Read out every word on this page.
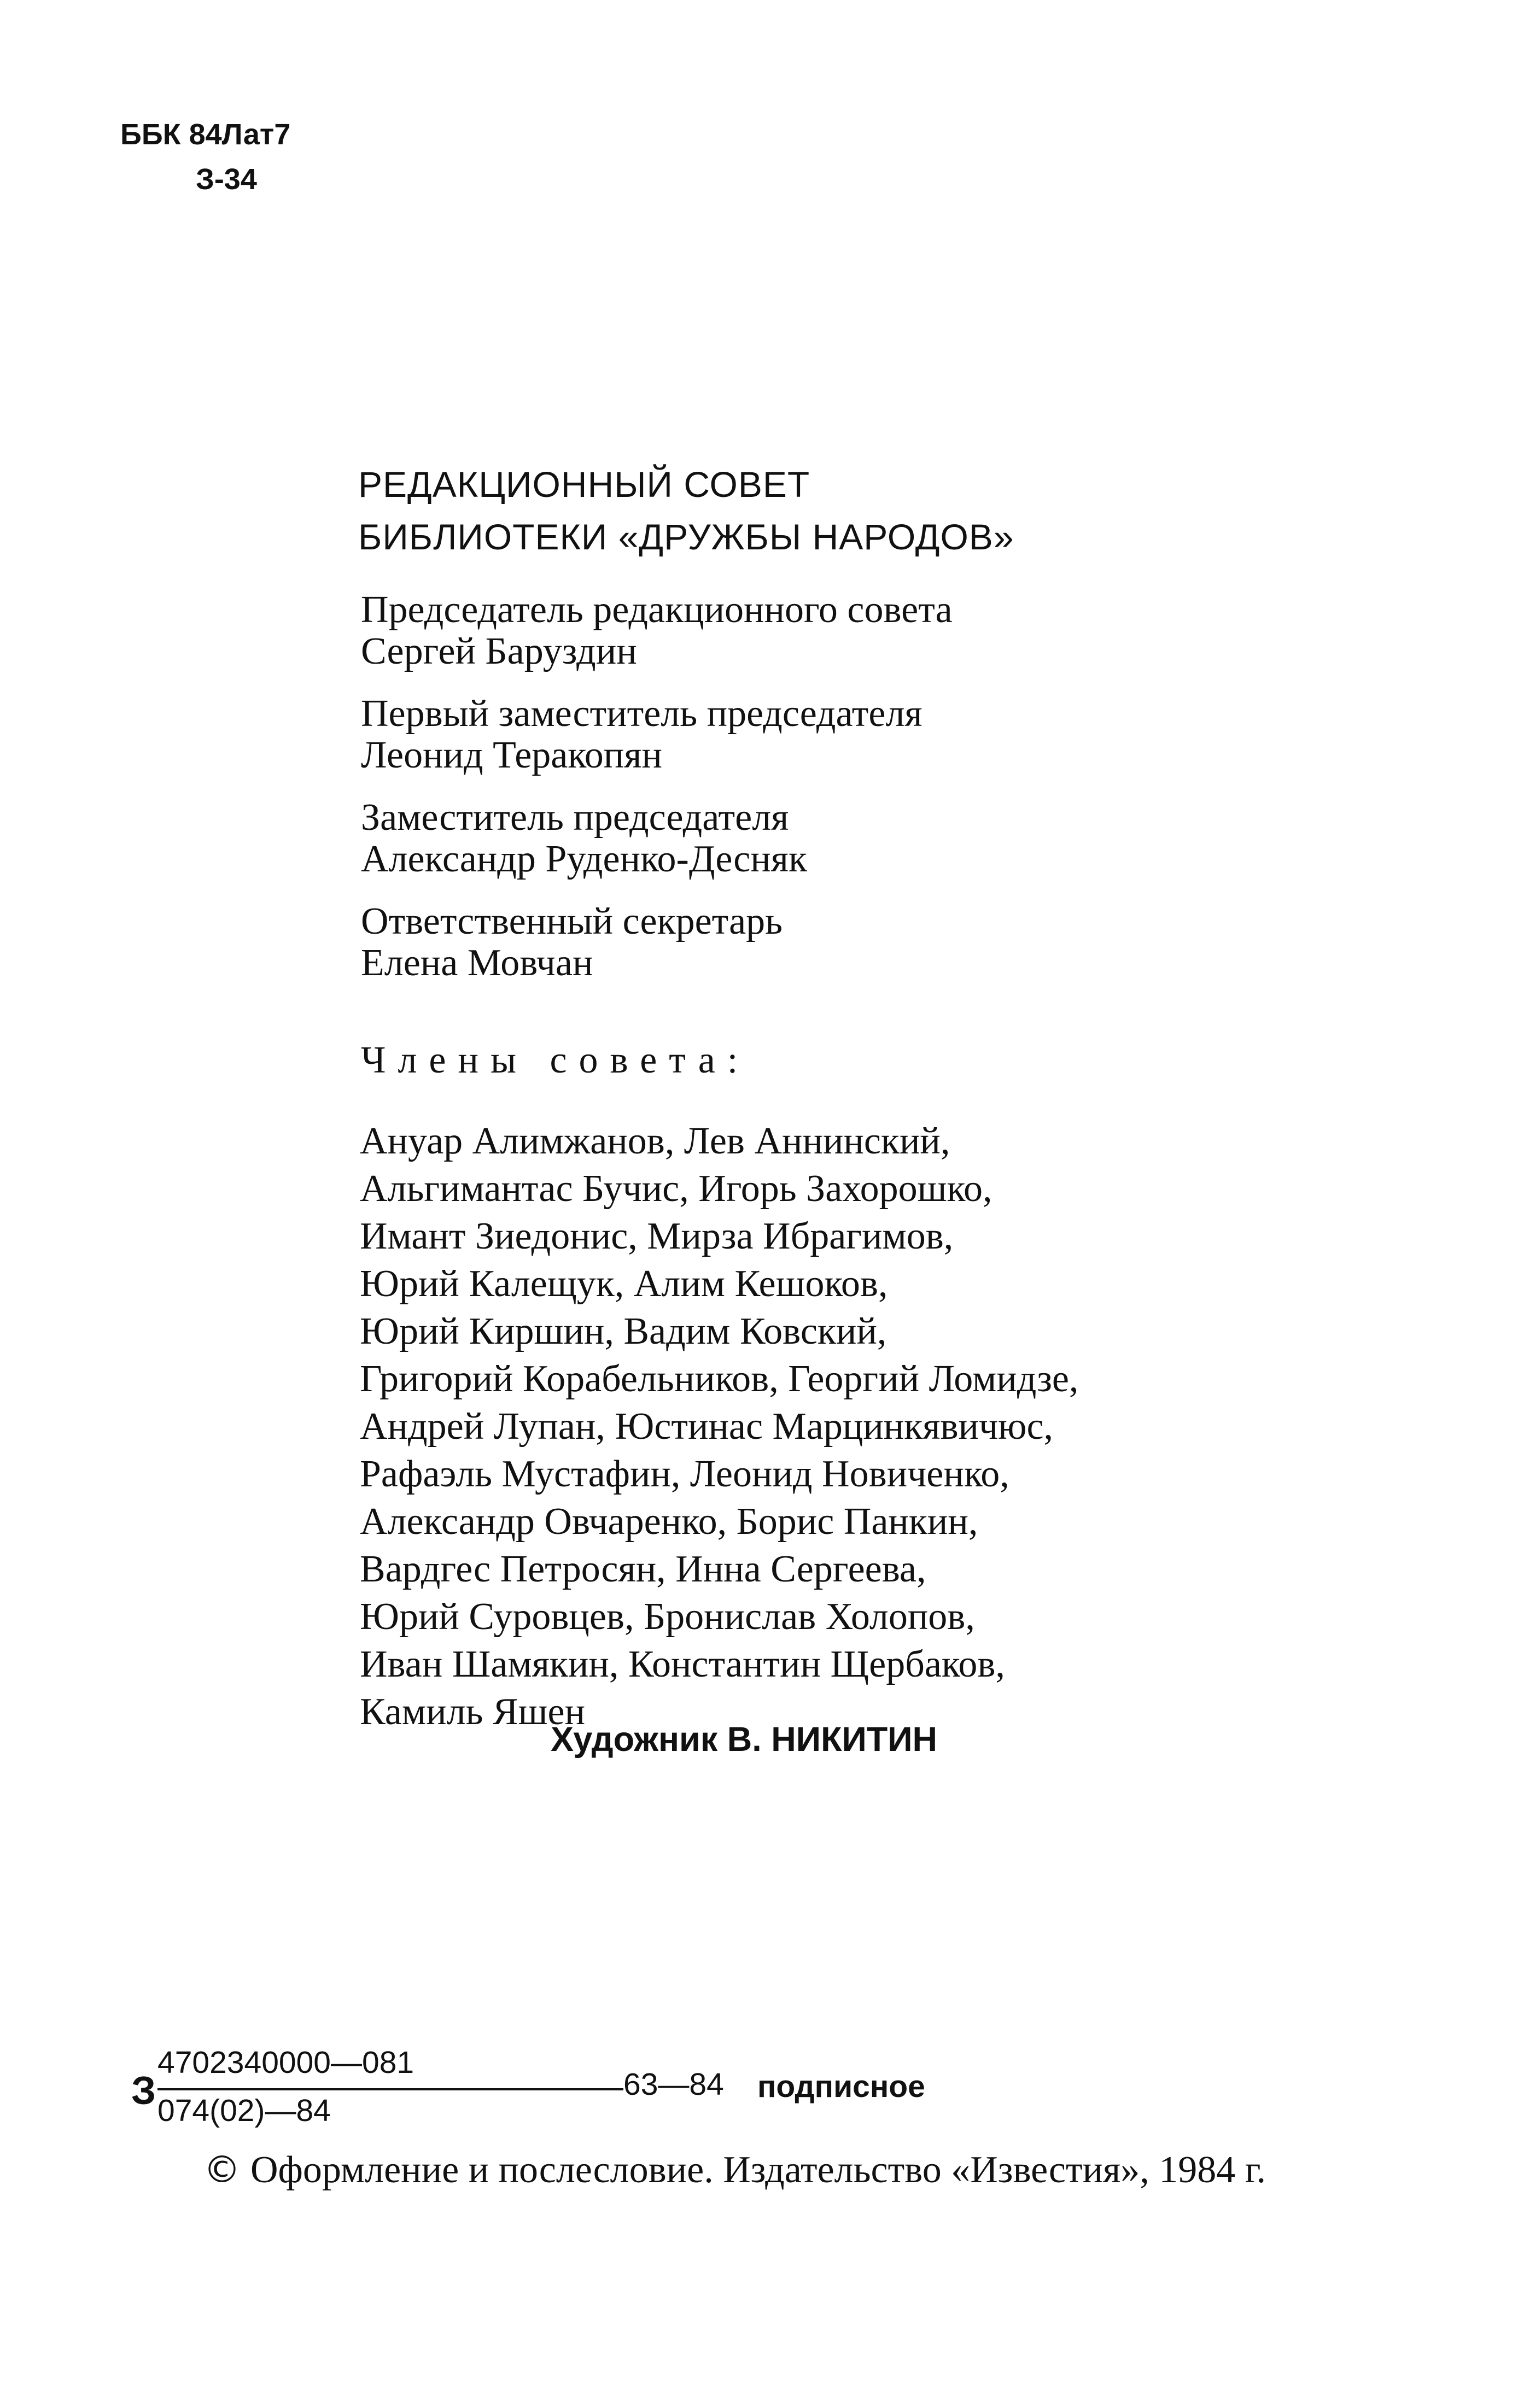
ББК 84Лат7
З-34
РЕДАКЦИОННЫЙ СОВЕТ
БИБЛИОТЕКИ «ДРУЖБЫ НАРОДОВ»
Председатель редакционного совета
Сергей Баруздин
Первый заместитель председателя
Леонид Теракопян
Заместитель председателя
Александр Руденко-Десняк
Ответственный секретарь
Елена Мовчан
Члены совета:
Ануар Алимжанов, Лев Аннинский,
Альгимантас Бучис, Игорь Захорошко,
Имант Зиедонис, Мирза Ибрагимов,
Юрий Калещук, Алим Кешоков,
Юрий Киршин, Вадим Ковский,
Григорий Корабельников, Георгий Ломидзе,
Андрей Лупан, Юстинас Марцинкявичюс,
Рафаэль Мустафин, Леонид Новиченко,
Александр Овчаренко, Борис Панкин,
Вардгес Петросян, Инна Сергеева,
Юрий Суровцев, Бронислав Холопов,
Иван Шамякин, Константин Щербаков,
Камиль Яшен
Художник В. НИКИТИН
З
4702340000—081
074(02)—84
63—84 подписное
© Оформление и послесловие. Издательство «Известия», 1984 г.
